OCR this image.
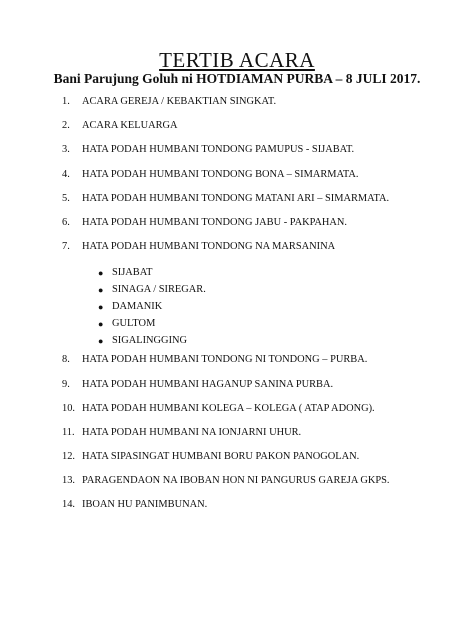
TERTIB ACARA
Bani Parujung Goluh ni HOTDIAMAN PURBA – 8 JULI 2017.
1.	ACARA GEREJA / KEBAKTIAN SINGKAT.
2.	ACARA KELUARGA
3.	HATA PODAH HUMBANI TONDONG PAMUPUS - SIJABAT.
4.	HATA PODAH HUMBANI TONDONG BONA – SIMARMATA.
5.	HATA PODAH HUMBANI TONDONG MATANI ARI – SIMARMATA.
6.	HATA PODAH HUMBANI TONDONG JABU - PAKPAHAN.
7.	HATA PODAH HUMBANI TONDONG NA MARSANINA
● SIJABAT
● SINAGA / SIREGAR.
● DAMANIK
● GULTOM
● SIGALINGGING
8.	HATA PODAH HUMBANI TONDONG NI TONDONG – PURBA.
9.	HATA PODAH HUMBANI HAGANUP SANINA PURBA.
10. HATA PODAH HUMBANI KOLEGA – KOLEGA ( ATAP ADONG).
11. HATA PODAH HUMBANI NA IONJARNI UHUR.
12. HATA SIPASINGAT HUMBANI BORU PAKON PANOGOLAN.
13. PARAGENDAON NA IBOBAN HON NI PANGURUS GAREJA GKPS.
14. IBOAN HU PANIMBUNAN.
